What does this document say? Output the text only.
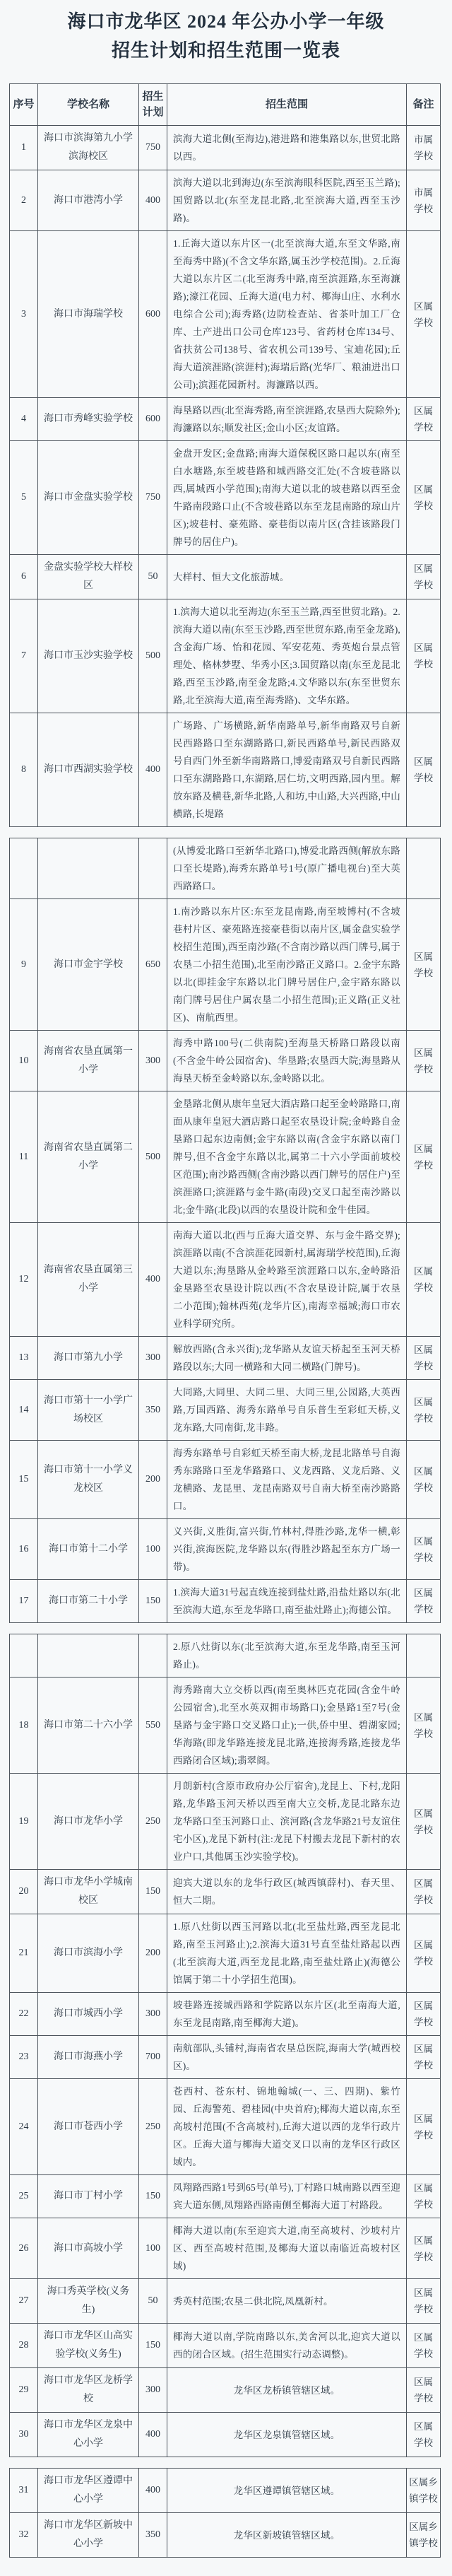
海口市龙华区 2024 年公办小学一年级
招生计划和招生范围一览表
序号	学校名称	招生
计划	招生范围	备注
1	海口市滨海第九小学滨海校区	750	滨海大道北侧(至海边),港进路和港集路以东,世贸北路以西。	市属
学校
2	海口市港湾小学	400	滨海大道以北到海边(东至滨海眼科医院,西至玉兰路);国贸路以北(东至龙昆北路,北至滨海大道,西至玉沙路)。	市属
学校
3	海口市海瑞学校	600	1.丘海大道以东片区一(北至滨海大道,东至文华路,南至海秀中路)(不含文华东路,属玉沙学校范围)。2.丘海大道以东片区二(北至海秀中路,南至滨涯路,东至海濂路);濠江花园、丘海大道(电力村、椰海山庄、水利水电综合公司);海秀路(边防检查站、省茶叶加工厂仓库、土产进出口公司仓库123号、省药材仓库134号、省扶贫公司138号、省农机公司139号、宝迪花园);丘海大道滨涯路(滨涯村);海瑞后路(光华厂、粮油进出口公司);滨涯花园新村。海濂路以西。	区属
学校
4	海口市秀峰实验学校	600	海垦路以西(北至海秀路,南至滨涯路,农垦西大院除外);海濂路以东;顺发社区;金山小区;友谊路。	区属
学校
5	海口市金盘实验学校	750	金盘开发区;金盘路;南海大道保税区路口起以东(南至白水塘路,东至坡巷路和城西路交汇处(不含坡巷路以西,属城西小学范围);南海大道以北的坡巷路以西至金牛路南段路口止(不含坡巷路以东至龙昆南路的琼山片区);坡巷村、豪苑路、豪巷街以南片区(含挂该路段门牌号的居住户)。	区属
学校
6	金盘实验学校大样校区	50	大样村、恒大文化旅游城。	区属
学校
7	海口市玉沙实验学校	500	1.滨海大道以北至海边(东至玉兰路,西至世贸北路)。2.滨海大道以南(东至玉沙路,西至世贸东路,南至金龙路),含金海广场、怡和花园、军安花苑、秀英炮台景点管理处、格林梦墅、华秀小区;3.国贸路以南(东至龙昆北路,西至玉沙路,南至金龙路;4.文华路以东(东至世贸东路,北至滨海大道,南至海秀路)、文华东路。	区属
学校
8	海口市西湖实验学校	400	广场路、广场横路,新华南路单号,新华南路双号自新民西路路口至东湖路路口,新民西路单号,新民西路双号自西门外至新华南路路口,博爱南路双号自新民西路口至东湖路路口,东湖路,居仁坊,文明西路,园内里。解放东路及横巷,新华北路,人和坊,中山路,大兴西路,中山横路,长堤路	区属
学校
			(从博爱北路口至新华北路口),博爱北路西侧(解放东路口至长堤路),海秀东路单号1号(原广播电视台)至大英西路路口。	
9	海口市金宇学校	650	1.南沙路以东片区:东至龙昆南路,南至坡博村(不含坡巷村片区、豪苑路连接豪巷街以南片区,属金盘实验学校招生范围),西至南沙路(不含南沙路以西门牌号,属于农垦二小招生范围),北至南沙路正义路口。2.金宇东路以北(即挂金宇东路以北门牌号居住户,金宇路东路以南门牌号居住户属农垦二小招生范围);正义路(正义社区)、南航西里。	区属
学校
10	海南省农垦直属第一小学	300	海秀中路100号(二供南院)至海垦天桥路口路段以南(不含金牛岭公园宿舍)、华垦路;农垦西大院;海垦路从海垦天桥至金岭路以东,金岭路以北。	区属
学校
11	海南省农垦直属第二小学	500	金垦路北侧从康年皇冠大酒店路口起至金岭路路口,南面从康年皇冠大酒店路口起至农垦设计院;金岭路自金垦路口起东边南侧;金宇东路以南(含金宇东路以南门牌号,但不含金宇东路以北,属第二十六小学面前坡校区范围);南沙路西侧(含南沙路以西门牌号的居住户)至滨涯路口;滨涯路与金牛路(南段)交叉口起至南沙路以北;金牛路(北段)以西的农垦设计院和金牛佳园。	区属
学校
12	海南省农垦直属第三小学	400	南海大道以北(西与丘海大道交界、东与金牛路交界);滨涯路以南(不含滨涯花园新村,属海瑞学校范围),丘海大道以东;海垦路从金岭路至滨涯路口以东,金岭路沿金垦路至农垦设计院以西(不含农垦设计院,属于农垦二小范围);翰林西苑(龙华片区),南海幸福城;海口市农业科学研究所。	区属
学校
13	海口市第九小学	300	解放西路(含永兴街);龙华路从友谊天桥起至玉河天桥路段以东;大同一横路和大同二横路(门牌号)。	区属
学校
14	海口市第十一小学广场校区	350	大同路,大同里、大同二里、大同三里,公园路,大英西路,万国西路、海秀东路单号自乐普生至彩虹天桥,义龙东路,大同南街,龙丰路。	区属
学校
15	海口市第十一小学义龙校区	200	海秀东路单号自彩虹天桥至南大桥,龙昆北路单号自海秀东路路口至龙华路路口、义龙西路、义龙后路、义龙横路、龙昆里、龙昆南路双号自南大桥至南沙路路口。	区属
学校
16	海口市第十二小学	100	义兴街,义胜街,富兴街,竹林村,得胜沙路,龙华一横,彰兴街,滨海医院,龙华路以东(得胜沙路起至东方广场一带)。	区属
学校
17	海口市第二十小学	150	1.滨海大道31号起直线连接到盐灶路,沿盐灶路以东(北至滨海大道,东至龙华路口,南至盐灶路止);海德公馆。	区属
学校
			2.原八灶街以东(北至滨海大道,东至龙华路,南至玉河路止)。	
18	海口市第二十六小学	550	海秀路南大立交桥以西(南至奥林匹克花园(含金牛岭公园宿舍),北至水英双拥市场路口);金垦路1至7号(金垦路与金宇路口交叉路口止);一供,侨中里、碧湖家园;华海路(即龙华路连接龙昆北路,连接海秀路,连接龙华西路闭合区域);翡翠阁。	区属
学校
19	海口市龙华小学	250	月朗新村(含原市政府办公厅宿舍),龙昆上、下村,龙阳路,龙华路玉河天桥以西至南大立交桥,龙昆北路东边龙华路口至玉河路口止、滨河路(含龙华路21号友谊住宅小区),龙昆下新村(注:龙昆下村搬去龙昆下新村的农业户口,其他属玉沙实验学校)。	区属
学校
20	海口市龙华小学城南校区	150	迎宾大道以东的龙华行政区(城西镇薛村)、春天里、恒大二期。	区属
学校
21	海口市滨海小学	200	1.原八灶街以西玉河路以北(北至盐灶路,西至龙昆北路,南至玉河路止);2.滨海大道31号直至盐灶路起以西(北至滨海大道,西至龙昆北路,南至盐灶路止)(海德公馆属于第二十小学招生范围)。	区属
学校
22	海口市城西小学	300	坡巷路连接城西路和学院路以东片区(北至南海大道,东至龙昆南路,南至椰海大道)。	区属
学校
23	海口市海燕小学	700	南航部队,头铺村,海南省农垦总医院,海南大学(城西校区)。	区属
学校
24	海口市苍西小学	250	苍西村、苍东村、锦地翰城(一、三、四期)、紫竹园、丘海警苑、碧桂园(中央首府);椰海大道以南,东至高坡村范围(不含高坡村),丘海大道以西的龙华行政片区。丘海大道与椰海大道交叉口以南的龙华区行政区域内。	区属
学校
25	海口市丁村小学	150	凤翔路西路1号到65号(单号),丁村路口城南路以西至迎宾大道东侧,凤翔路西路南侧至椰海大道丁村路段。	区属
学校
26	海口市高坡小学	100	椰海大道以南(东至迎宾大道,南至高坡村、沙坡村片区、西至高坡村范围,及椰海大道以南临近高坡村区域)	区属
学校
27	海口秀英学校(义务生)	50	秀英村范围;农垦二供北院,凤凰新村。	区属
学校
28	海口市龙华区山高实验学校(义务生)	150	椰海大道以南,学院南路以东,美舍河以北,迎宾大道以西的闭合区域。(招生范围实行动态调整)。	区属
学校
29	海口市龙华区龙桥学校	300	龙华区龙桥镇管辖区域。	区属
学校
30	海口市龙华区龙泉中心小学	400	龙华区龙泉镇管辖区域。	区属
学校
31	海口市龙华区遵谭中心小学	400	龙华区遵谭镇管辖区域。	区属乡
镇学校
32	海口市龙华区新坡中心小学	350	龙华区新坡镇管辖区域。	区属乡
镇学校
